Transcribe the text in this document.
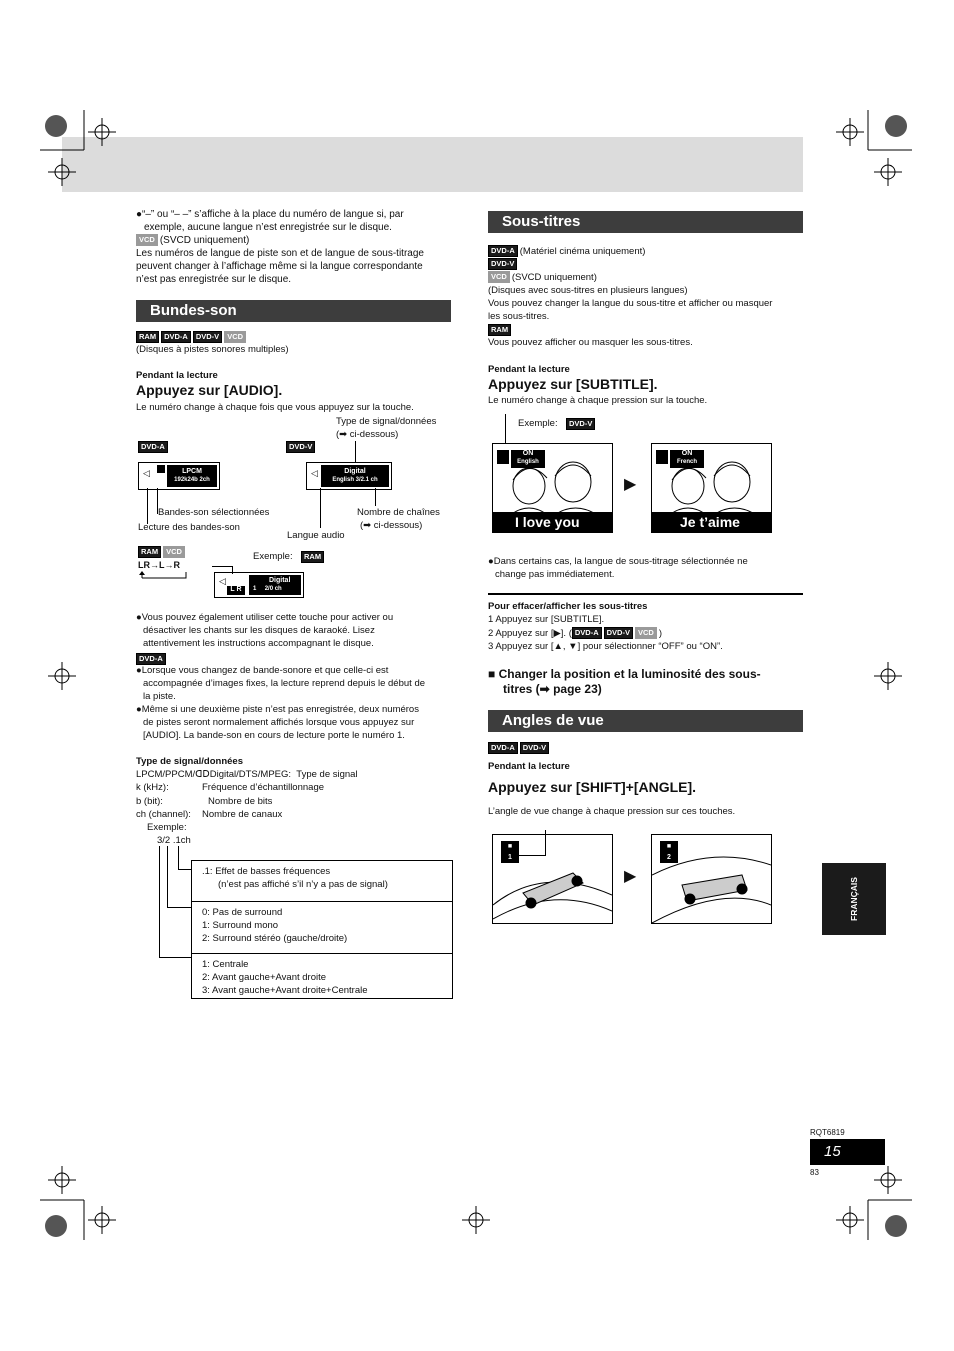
●“–” ou “– –” s’affiche à la place du numéro de langue si, par
exemple, aucune langue n’est enregistrée sur le disque.
VCD (SVCD uniquement)
Les numéros de langue de piste son et de langue de sous-titrage
peuvent changer à l’affichage même si la langue correspondante
n’est pas enregistrée sur le disque.
Bundes-son
RAM DVD-A DVD-V VCD
(Disques à pistes sonores multiples)
Pendant la lecture
Appuyez sur [AUDIO].
Le numéro change à chaque fois que vous appuyez sur la touche.
Type de signal/données
(➡ ci-dessous)
DVD-A	DVD-V
◁	LPCM
192k24b 2ch
◁	Digital
English 3/2.1 ch
Bandes-son sélectionnées
Lecture des bandes-son
Langue audio
Nombre de chaînes
(➡ ci-dessous)
RAM VCD
LR→L→R
Exemple:	RAM
◁
L R
Digital
1 2/0 ch
●Vous pouvez également utiliser cette touche pour activer ou
désactiver les chants sur les disques de karaoké. Lisez
attentivement les instructions accompagnant le disque.
DVD-A
●Lorsque vous changez de bande-sonore et que celle-ci est
accompagnée d’images fixes, la lecture reprend depuis le début de
la piste.
●Même si une deuxième piste n’est pas enregistrée, deux numéros
de pistes seront normalement affichés lorsque vous appuyez sur
[AUDIO]. La bande-son en cours de lecture porte le numéro 1.
Type de signal/données
LPCM/PPCM/ᗡᗞDigital/DTS/MPEG: Type de signal
k (kHz):	Fréquence d’échantillonnage
b (bit):	Nombre de bits
ch (channel): Nombre de canaux
Exemple:
3/2 .1ch
.1: Effet de basses fréquences
(n’est pas affiché s’il n’y a pas de signal)
0: Pas de surround
1: Surround mono
2: Surround stéréo (gauche/droite)
1: Centrale
2: Avant gauche+Avant droite
3: Avant gauche+Avant droite+Centrale
Sous-titres
DVD-A (Matériel cinéma uniquement)
DVD-V
VCD (SVCD uniquement)
(Disques avec sous-titres en plusieurs langues)
Vous pouvez changer la langue du sous-titre et afficher ou masquer
les sous-titres.
RAM
Vous pouvez afficher ou masquer les sous-titres.
Pendant la lecture
Appuyez sur [SUBTITLE].
Le numéro change à chaque pression sur la touche.
Exemple:	DVD-V
ON
English
I love you
▶
ON
French
Je t’aime
●Dans certains cas, la langue de sous-titrage sélectionnée ne
change pas immédiatement.
Pour effacer/afficher les sous-titres
1 Appuyez sur [SUBTITLE].
2 Appuyez sur [▶]. ( DVD-A DVD-V VCD )
3 Appuyez sur [▲, ▼] pour sélectionner “OFF” ou “ON”.
■ Changer la position et la luminosité des sous-
titres (➡ page 23)
Angles de vue
DVD-A DVD-V
Pendant la lecture
Appuyez sur [SHIFT]+[ANGLE].
L’angle de vue change à chaque pression sur ces touches.
■
1
▶
■
2
FRANÇAIS
RQT6819
15
83
